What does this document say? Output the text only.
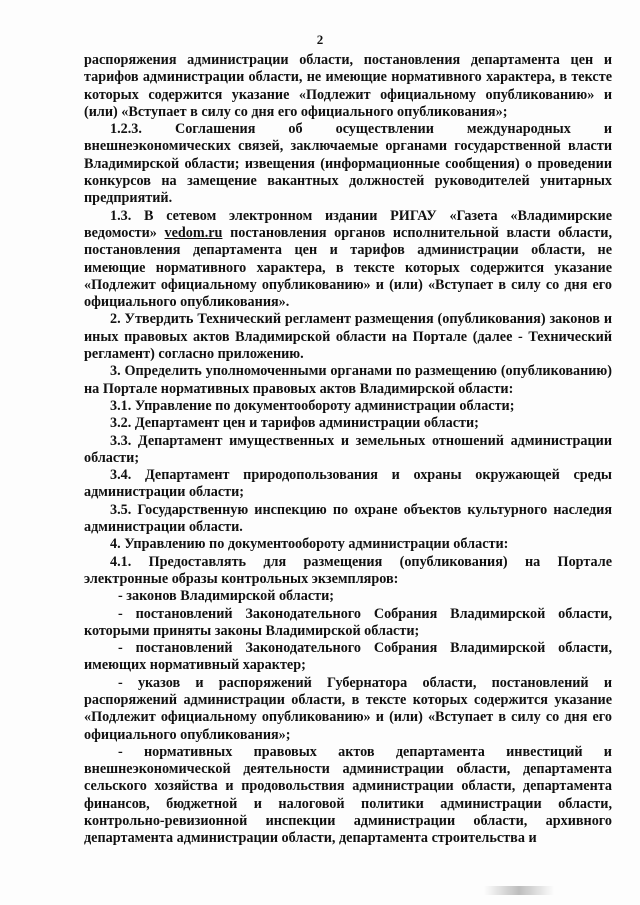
2

распоряжения администрации области, постановления департамента цен и тарифов администрации области, не имеющие нормативного характера, в тексте которых содержится указание «Подлежит официальному опубликованию» и (или) «Вступает в силу со дня его официального опубликования»;

1.2.3. Соглашения об осуществлении международных и внешнеэкономических связей, заключаемые органами государственной власти Владимирской области; извещения (информационные сообщения) о проведении конкурсов на замещение вакантных должностей руководителей унитарных предприятий.

1.3. В сетевом электронном издании РИГАУ «Газета «Владимирские ведомости» vedom.ru постановления органов исполнительной власти области, постановления департамента цен и тарифов администрации области, не имеющие нормативного характера, в тексте которых содержится указание «Подлежит официальному опубликованию» и (или) «Вступает в силу со дня его официального опубликования».

2. Утвердить Технический регламент размещения (опубликования) законов и иных правовых актов Владимирской области на Портале (далее - Технический регламент) согласно приложению.

3. Определить уполномоченными органами по размещению (опубликованию) на Портале нормативных правовых актов Владимирской области:

3.1. Управление по документообороту администрации области;

3.2. Департамент цен и тарифов администрации области;

3.3. Департамент имущественных и земельных отношений администрации области;

3.4. Департамент природопользования и охраны окружающей среды администрации области;

3.5. Государственную инспекцию по охране объектов культурного наследия администрации области.

4. Управлению по документообороту администрации области:

4.1. Предоставлять для размещения (опубликования) на Портале электронные образы контрольных экземпляров:

- законов Владимирской области;

- постановлений Законодательного Собрания Владимирской области, которыми приняты законы Владимирской области;

- постановлений Законодательного Собрания Владимирской области, имеющих нормативный характер;

- указов и распоряжений Губернатора области, постановлений и распоряжений администрации области, в тексте которых содержится указание «Подлежит официальному опубликованию» и (или) «Вступает в силу со дня его официального опубликования»;

- нормативных правовых актов департамента инвестиций и внешнеэкономической деятельности администрации области, департамента сельского хозяйства и продовольствия администрации области, департамента финансов, бюджетной и налоговой политики администрации области, контрольно-ревизионной инспекции администрации области, архивного департамента администрации области, департамента строительства и
